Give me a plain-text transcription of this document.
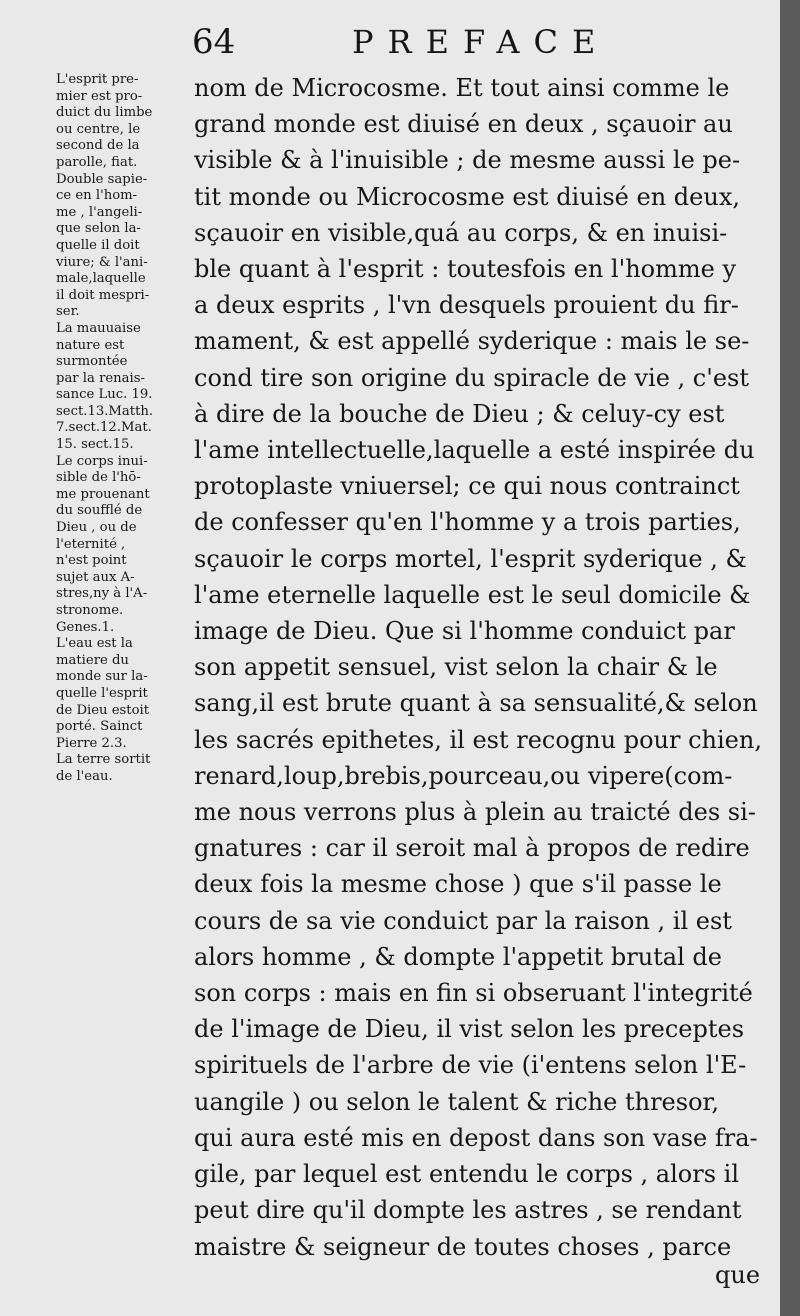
64	PREFACE
L'esprit pre-
mier est pro-
duict du limbe
ou centre, le
second de la
parolle, fiat.
Double sapie-
ce en l'hom-
me , l'angeli-
que selon la-
quelle il doit
viure; & l'ani-
male,laquelle
il doit mespri-
ser.
La mauuaise
nature est
surmontée
par la renais-
sance Luc. 19.
sect.13.Matth.
7.sect.12.Mat.
15. sect.15.
Le corps inui-
sible de l'hō-
me prouenant
du soufflé de
Dieu , ou de
l'eternité ,
n'est point
sujet aux A-
stres,ny à l'A-
stronome.
Genes.1.
L'eau est la
matiere du
monde sur la-
quelle l'esprit
de Dieu estoit
porté. Sainct
Pierre 2.3.
La terre sortit
de l'eau.
nom de Microcosme. Et tout ainsi comme le
grand monde est diuisé en deux , sçauoir au
visible & à l'inuisible ; de mesme aussi le pe-
tit monde ou Microcosme est diuisé en deux,
sçauoir en visible,quá au corps, & en inuisi-
ble quant à l'esprit : toutesfois en l'homme y
a deux esprits , l'vn desquels prouient du fir-
mament, & est appellé syderique : mais le se-
cond tire son origine du spiracle de vie , c'est
à dire de la bouche de Dieu ; & celuy-cy est
l'ame intellectuelle,laquelle a esté inspirée du
protoplaste vniuersel; ce qui nous contrainct
de confesser qu'en l'homme y a trois parties,
sçauoir le corps mortel, l'esprit syderique , &
l'ame eternelle laquelle est le seul domicile &
image de Dieu. Que si l'homme conduict par
son appetit sensuel, vist selon la chair & le
sang,il est brute quant à sa sensualité,& selon
les sacrés epithetes, il est recognu pour chien,
renard,loup,brebis,pourceau,ou vipere(com-
me nous verrons plus à plein au traicté des si-
gnatures : car il seroit mal à propos de redire
deux fois la mesme chose ) que s'il passe le
cours de sa vie conduict par la raison , il est
alors homme , & dompte l'appetit brutal de
son corps : mais en fin si obseruant l'integrité
de l'image de Dieu, il vist selon les preceptes
spirituels de l'arbre de vie (i'entens selon l'E-
uangile ) ou selon le talent & riche thresor,
qui aura esté mis en depost dans son vase fra-
gile, par lequel est entendu le corps , alors il
peut dire qu'il dompte les astres , se rendant
maistre & seigneur de toutes choses , parce
que
